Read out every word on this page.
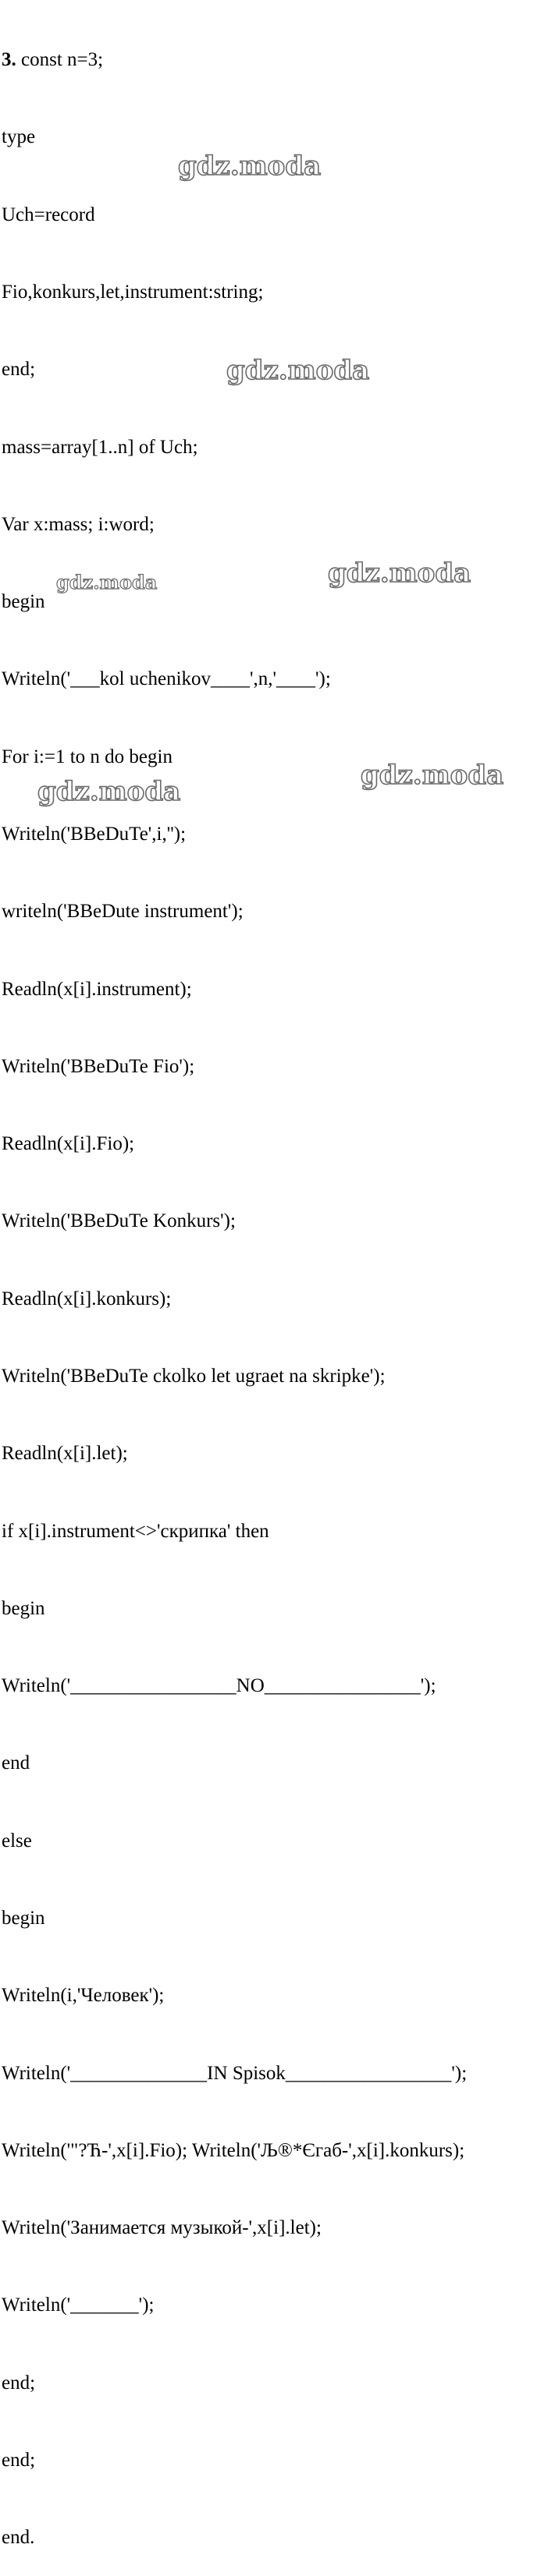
3. const n=3;

type

Uch=record

Fio,konkurs,let,instrument:string;

end;

mass=array[1..n] of Uch;

Var x:mass; i:word;

begin

Writeln('___kol uchenikov____',n,'____');

For i:=1 to n do begin

Writeln('BBeDuTe',i,'');

writeln('BBeDute instrument');

Readln(x[i].instrument);

Writeln('BBeDuTe Fio');

Readln(x[i].Fio);

Writeln('BBeDuTe Konkurs');

Readln(x[i].konkurs);

Writeln('BBeDuTe ckolko let ugraet na skripke');

Readln(x[i].let);

if x[i].instrument<>'скрипка' then

begin

Writeln('_________________NO________________');

end

else

begin

Writeln(i,'Человек');

Writeln('______________IN Spisok_________________');

Writeln('"?Ћ-',x[i].Fio); Writeln('Љ®*Єгаб-',x[i].konkurs);

Writeln('Занимается музыкой-',x[i].let);

Writeln('_______');

end;

end;

end.

gdz.moda
gdz.moda
gdz.moda	gdz.moda
gdz.moda
gdz.moda
